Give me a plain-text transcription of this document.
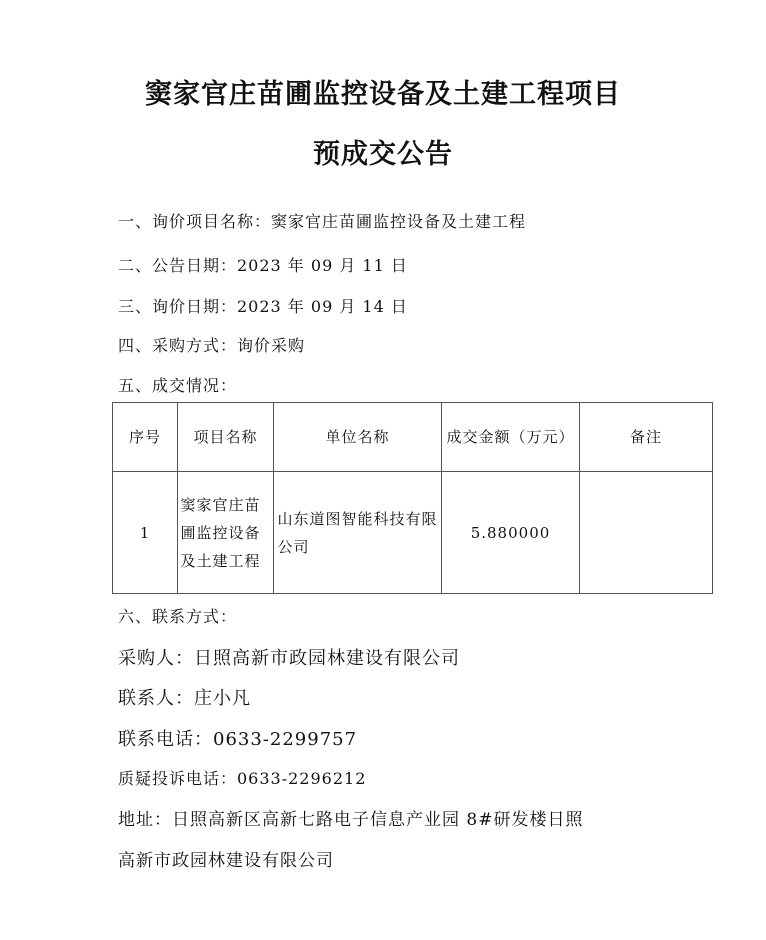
窦家官庄苗圃监控设备及土建工程项目
预成交公告
一、询价项目名称：窦家官庄苗圃监控设备及土建工程
二、公告日期：2023 年 09 月 11 日
三、询价日期：2023 年 09 月 14 日
四、采购方式：询价采购
五、成交情况：
序号	项目名称	单位名称	成交金额（万元）	备注
1	窦家官庄苗圃监控设备及土建工程	山东道图智能科技有限公司	5.880000	
六、联系方式：
采购人：日照高新市政园林建设有限公司
联系人：庄小凡
联系电话：0633-2299757
质疑投诉电话：0633-2296212
地址：日照高新区高新七路电子信息产业园 8#研发楼日照
高新市政园林建设有限公司
